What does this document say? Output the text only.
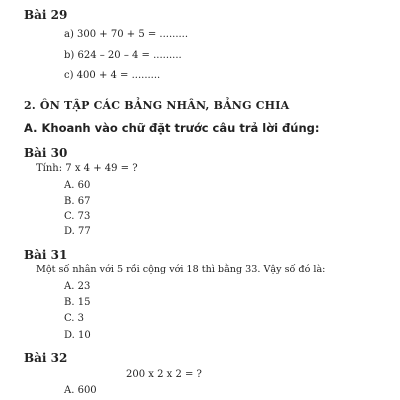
Bài 29
a) 300 + 70 + 5 = .........
b) 624 – 20 – 4 = .........
c) 400 + 4 = .........
2. ÔN TẬP CÁC BẢNG NHÂN, BẢNG CHIA
A. Khoanh vào chữ đặt trước câu trả lời đúng:
Bài 30
Tính: 7 x 4 + 49 = ?
A. 60
B. 67
C. 73
D. 77
Bài 31
Một số nhân với 5 rồi cộng với 18 thì bằng 33. Vậy số đó là:
A. 23
B. 15
C. 3
D. 10
Bài 32
200 x 2 x 2 = ?
A. 600
